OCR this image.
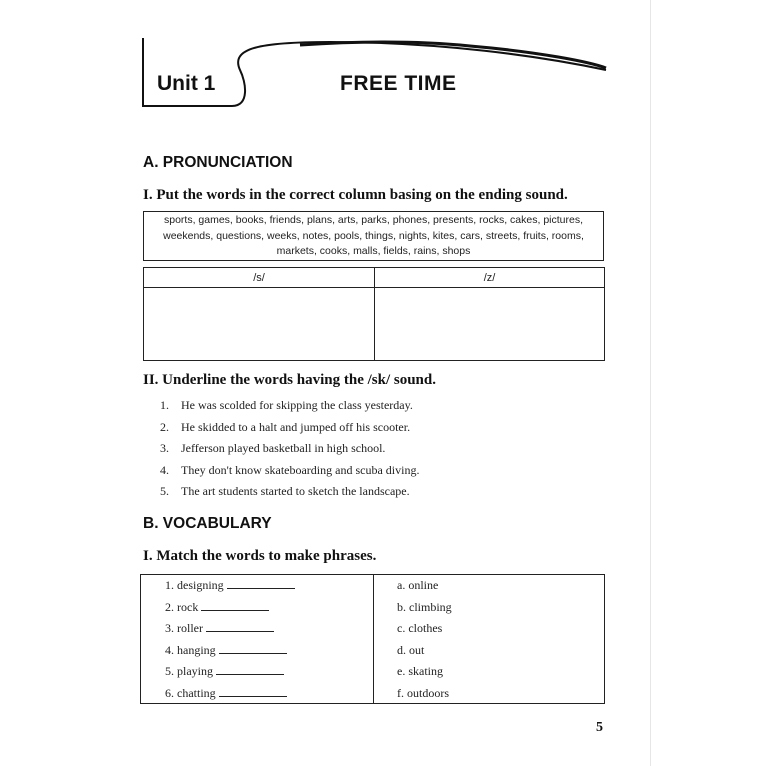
Unit 1	FREE TIME
A. PRONUNCIATION
I. Put the words in the correct column basing on the ending sound.
sports, games, books, friends, plans, arts, parks, phones, presents, rocks, cakes, pictures,
weekends, questions, weeks, notes, pools, things, nights, kites, cars, streets, fruits, rooms,
markets, cooks, malls, fields, rains, shops
/s/	/z/
II. Underline the words having the /sk/ sound.
1. He was scolded for skipping the class yesterday.
2. He skidded to a halt and jumped off his scooter.
3. Jefferson played basketball in high school.
4. They don't know skateboarding and scuba diving.
5. The art students started to sketch the landscape.
B. VOCABULARY
I. Match the words to make phrases.
1. designing
2. rock
3. roller
4. hanging
5. playing
6. chatting
a. online
b. climbing
c. clothes
d. out
e. skating
f. outdoors
5
